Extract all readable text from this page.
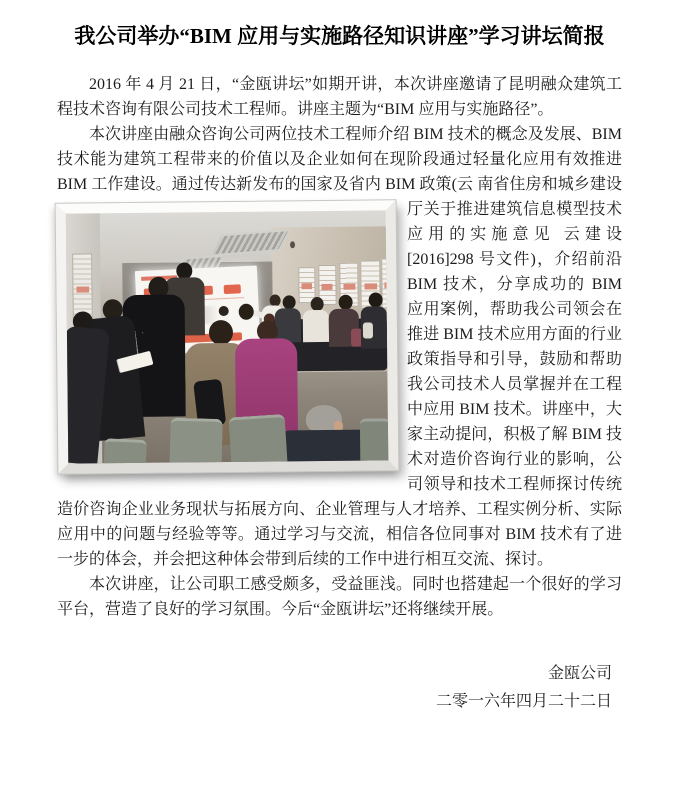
我公司举办“BIM 应用与实施路径知识讲座”学习讲坛简报
2016 年 4 月 21 日，“金瓯讲坛”如期开讲，本次讲座邀请了昆明融众建筑工程技术咨询有限公司技术工程师。讲座主题为“BIM 应用与实施路径”。
本次讲座由融众咨询公司两位技术工程师介绍 BIM 技术的概念及发展、BIM 技术能为建筑工程带来的价值以及企业如何在现阶段通过轻量化应用有效推进 BIM 工作建设。通过传达新发布的国家及省内 BIM 政策(云 南省住房和城乡建设厅关于推进建筑信息模型技术应用的实施意见 云建设[2016]298 号文件)，介绍前沿 BIM 技术，分享成功的 BIM 应用案例，帮助我公司领会在推进 BIM 技术应用方面的行业政策指导和引导，鼓励和帮助我公司技术人员掌握并在工程中应用 BIM 技术。讲座中，大家主动提问，积极了解 BIM 技术对造价咨询行业的影响，公司领导和技术工程师探讨传统造价咨询企业业务现状与拓展方向、企业管理与人才培养、工程实例分析、实际应用中的问题与经验等等。通过学习与交流，相信各位同事对 BIM 技术有了进一步的体会，并会把这种体会带到后续的工作中进行相互交流、探讨。
本次讲座，让公司职工感受颇多，受益匪浅。同时也搭建起一个很好的学习平台，营造了良好的学习氛围。今后“金瓯讲坛”还将继续开展。
金瓯公司
二零一六年四月二十二日
